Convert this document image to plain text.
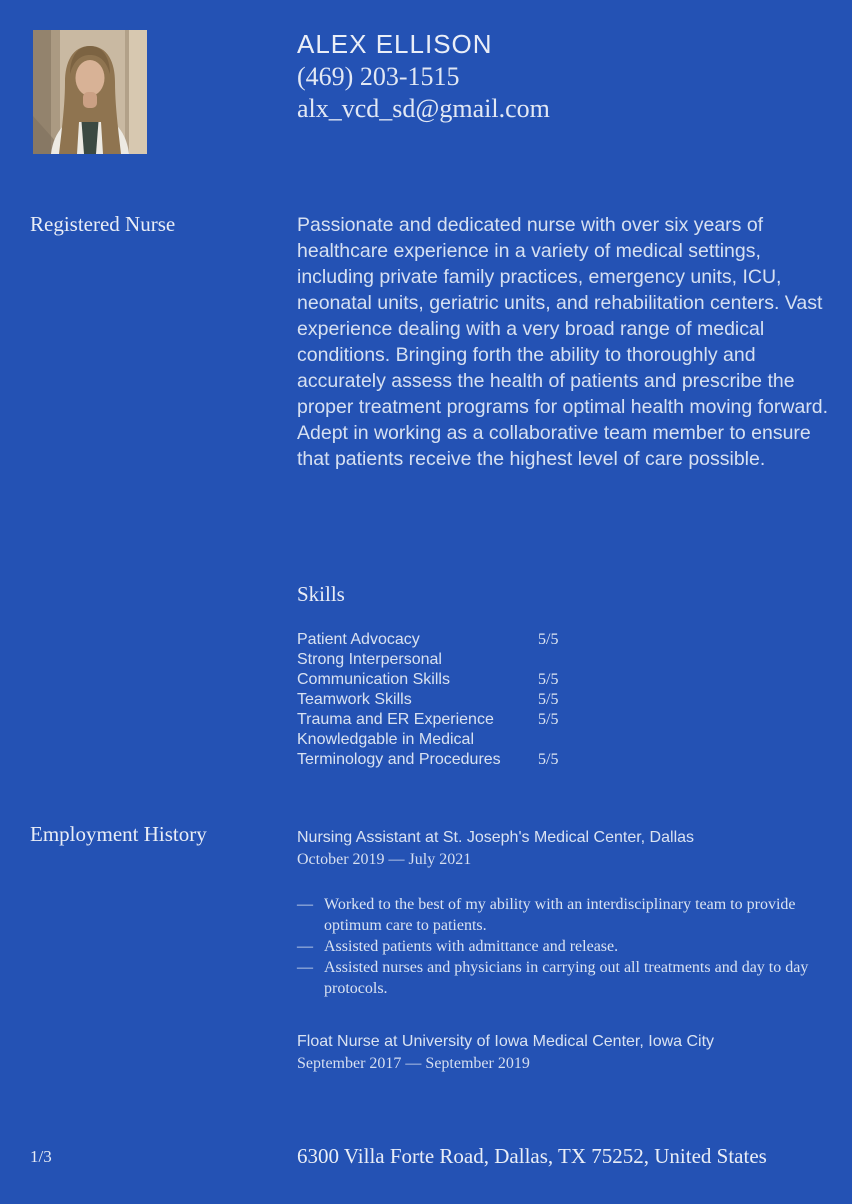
ALEX ELLISON
(469) 203-1515
alx_vcd_sd@gmail.com
Registered Nurse	Passionate and dedicated nurse with over six years of healthcare experience in a variety of medical settings, including private family practices, emergency units, ICU, neonatal units, geriatric units, and rehabilitation centers. Vast experience dealing with a very broad range of medical conditions. Bringing forth the ability to thoroughly and accurately assess the health of patients and prescribe the proper treatment programs for optimal health moving forward. Adept in working as a collaborative team member to ensure that patients receive the highest level of care possible.
Skills
Patient Advocacy	5/5
Strong Interpersonal Communication Skills	5/5
Teamwork Skills	5/5
Trauma and ER Experience	5/5
Knowledgable in Medical Terminology and Procedures	5/5
Employment History	Nursing Assistant at St. Joseph's Medical Center, Dallas
October 2019 — July 2021
— Worked to the best of my ability with an interdisciplinary team to provide optimum care to patients.
— Assisted patients with admittance and release.
— Assisted nurses and physicians in carrying out all treatments and day to day protocols.
Float Nurse at University of Iowa Medical Center, Iowa City
September 2017 — September 2019
1/3	6300 Villa Forte Road, Dallas, TX 75252, United States
